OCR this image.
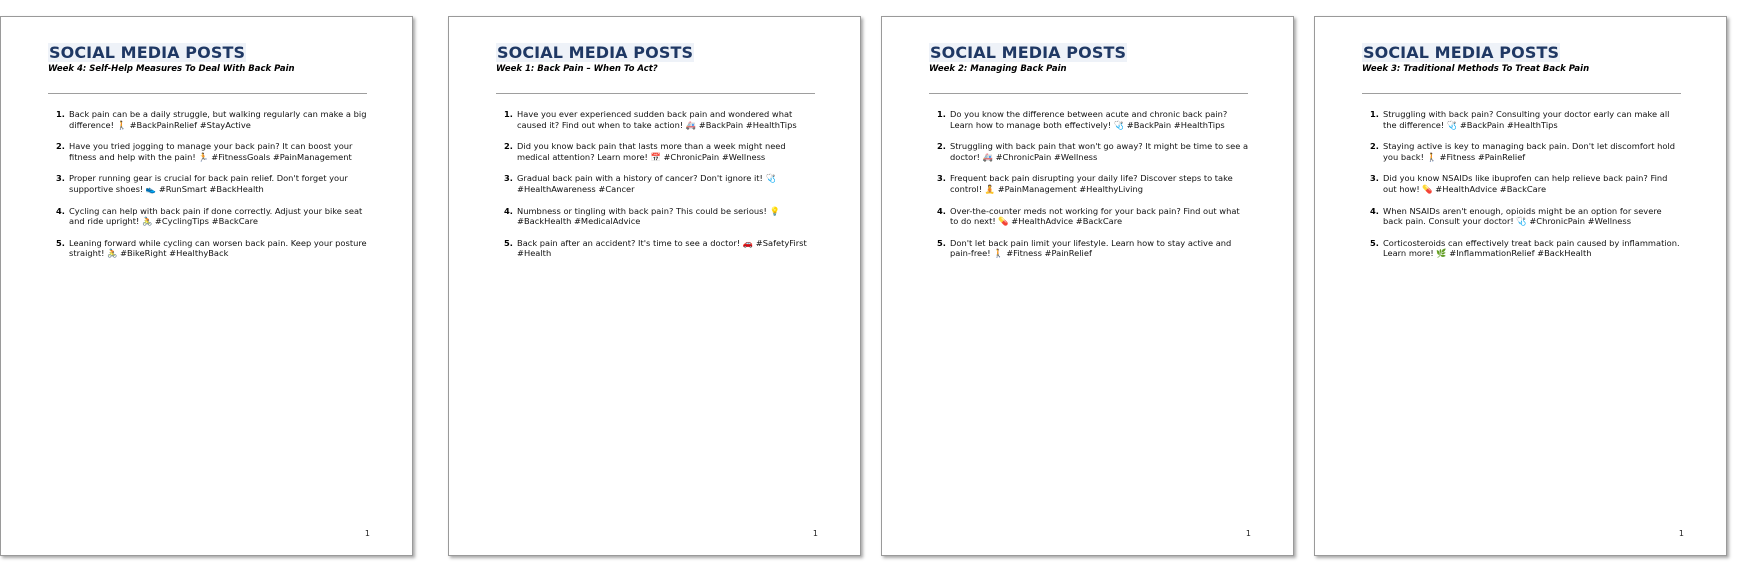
SOCIAL MEDIA POSTS
Week 1: Back Pain – When To Act?
1. Have you ever experienced sudden back pain and wondered what caused it? Find out when to take action! 🚑 #BackPain #HealthTips
2. Did you know back pain that lasts more than a week might need medical attention? Learn more! 📅 #ChronicPain #Wellness
3. Gradual back pain with a history of cancer? Don't ignore it! 🩺 #HealthAwareness #Cancer
4. Numbness or tingling with back pain? This could be serious! 💡 #BackHealth #MedicalAdvice
5. Back pain after an accident? It's time to see a doctor! 🚗 #SafetyFirst #Health
1
SOCIAL MEDIA POSTS
Week 2: Managing Back Pain
1. Do you know the difference between acute and chronic back pain? Learn how to manage both effectively! 🩺 #BackPain #HealthTips
2. Struggling with back pain that won't go away? It might be time to see a doctor! 🚑 #ChronicPain #Wellness
3. Frequent back pain disrupting your daily life? Discover steps to take control! 🧘 #PainManagement #HealthyLiving
4. Over-the-counter meds not working for your back pain? Find out what to do next! 💊 #HealthAdvice #BackCare
5. Don't let back pain limit your lifestyle. Learn how to stay active and pain-free! 🚶 #Fitness #PainRelief
1
SOCIAL MEDIA POSTS
Week 3: Traditional Methods To Treat Back Pain
1. Struggling with back pain? Consulting your doctor early can make all the difference! 🩺 #BackPain #HealthTips
2. Staying active is key to managing back pain. Don't let discomfort hold you back! 🚶 #Fitness #PainRelief
3. Did you know NSAIDs like ibuprofen can help relieve back pain? Find out how! 💊 #HealthAdvice #BackCare
4. When NSAIDs aren't enough, opioids might be an option for severe back pain. Consult your doctor! 🩺 #ChronicPain #Wellness
5. Corticosteroids can effectively treat back pain caused by inflammation. Learn more! 🌿 #InflammationRelief #BackHealth
1
SOCIAL MEDIA POSTS
Week 4: Self-Help Measures To Deal With Back Pain
1. Back pain can be a daily struggle, but walking regularly can make a big difference! 🚶 #BackPainRelief #StayActive
2. Have you tried jogging to manage your back pain? It can boost your fitness and help with the pain! 🏃 #FitnessGoals #PainManagement
3. Proper running gear is crucial for back pain relief. Don't forget your supportive shoes! 👟 #RunSmart #BackHealth
4. Cycling can help with back pain if done correctly. Adjust your bike seat and ride upright! 🚴 #CyclingTips #BackCare
5. Leaning forward while cycling can worsen back pain. Keep your posture straight! 🚴 #BikeRight #HealthyBack
1
